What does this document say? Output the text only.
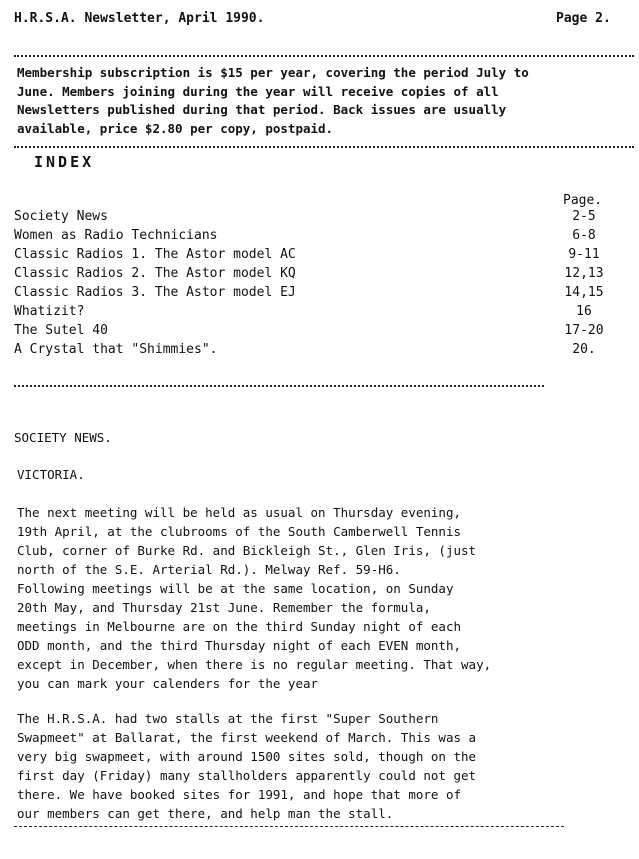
H.R.S.A. Newsletter, April 1990.	Page 2.
Membership subscription is $15 per year, covering the period July to
June. Members joining during the year will receive copies of all
Newsletters published during that period. Back issues are usually
available, price $2.80 per copy, postpaid.
INDEX
Page.
Society News	2-5
Women as Radio Technicians	6-8
Classic Radios 1. The Astor model AC	9-11
Classic Radios 2. The Astor model KQ	12,13
Classic Radios 3. The Astor model EJ	14,15
Whatizit?	16
The Sutel 40	17-20
A Crystal that "Shimmies".	20.
SOCIETY NEWS.
VICTORIA.
The next meeting will be held as usual on Thursday evening,
19th April, at the clubrooms of the South Camberwell Tennis
Club, corner of Burke Rd. and Bickleigh St., Glen Iris, (just
north of the S.E. Arterial Rd.). Melway Ref. 59-H6.
Following meetings will be at the same location, on Sunday
20th May, and Thursday 21st June. Remember the formula,
meetings in Melbourne are on the third Sunday night of each
ODD month, and the third Thursday night of each EVEN month,
except in December, when there is no regular meeting. That way,
you can mark your calenders for the year
The H.R.S.A. had two stalls at the first "Super Southern
Swapmeet" at Ballarat, the first weekend of March. This was a
very big swapmeet, with around 1500 sites sold, though on the
first day (Friday) many stallholders apparently could not get
there. We have booked sites for 1991, and hope that more of
our members can get there, and help man the stall.
